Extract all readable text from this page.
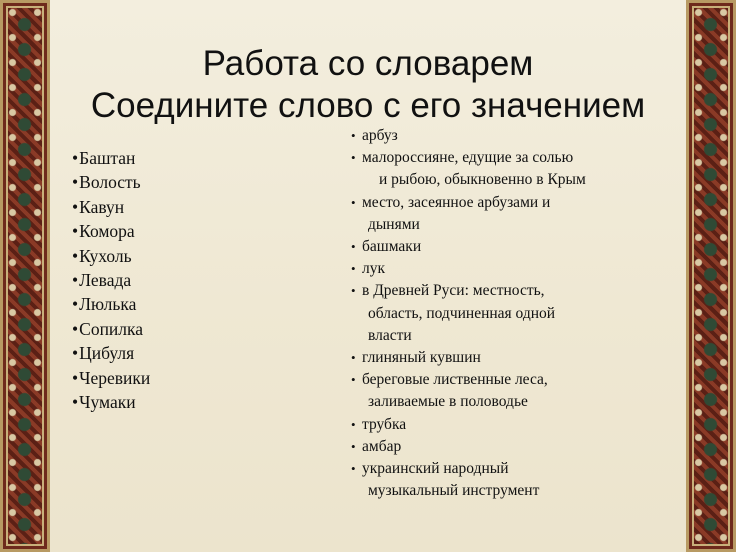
Работа со словарем
Соедините слово с его значением
• Баштан
• Волость
• Кавун
• Комора
• Кухоль
• Левада
• Люлька
• Сопилка
• Цибуля
• Черевики
• Чумаки
• арбуз
• малороссияне, едущие за солью
и рыбою, обыкновенно в Крым
• место, засеянное арбузами и
дынями
• башмаки
• лук
• в Древней Руси: местность,
область, подчиненная одной
власти
• глиняный кувшин
• береговые лиственные леса,
заливаемые в половодье
• трубка
• амбар
• украинский народный
музыкальный инструмент
